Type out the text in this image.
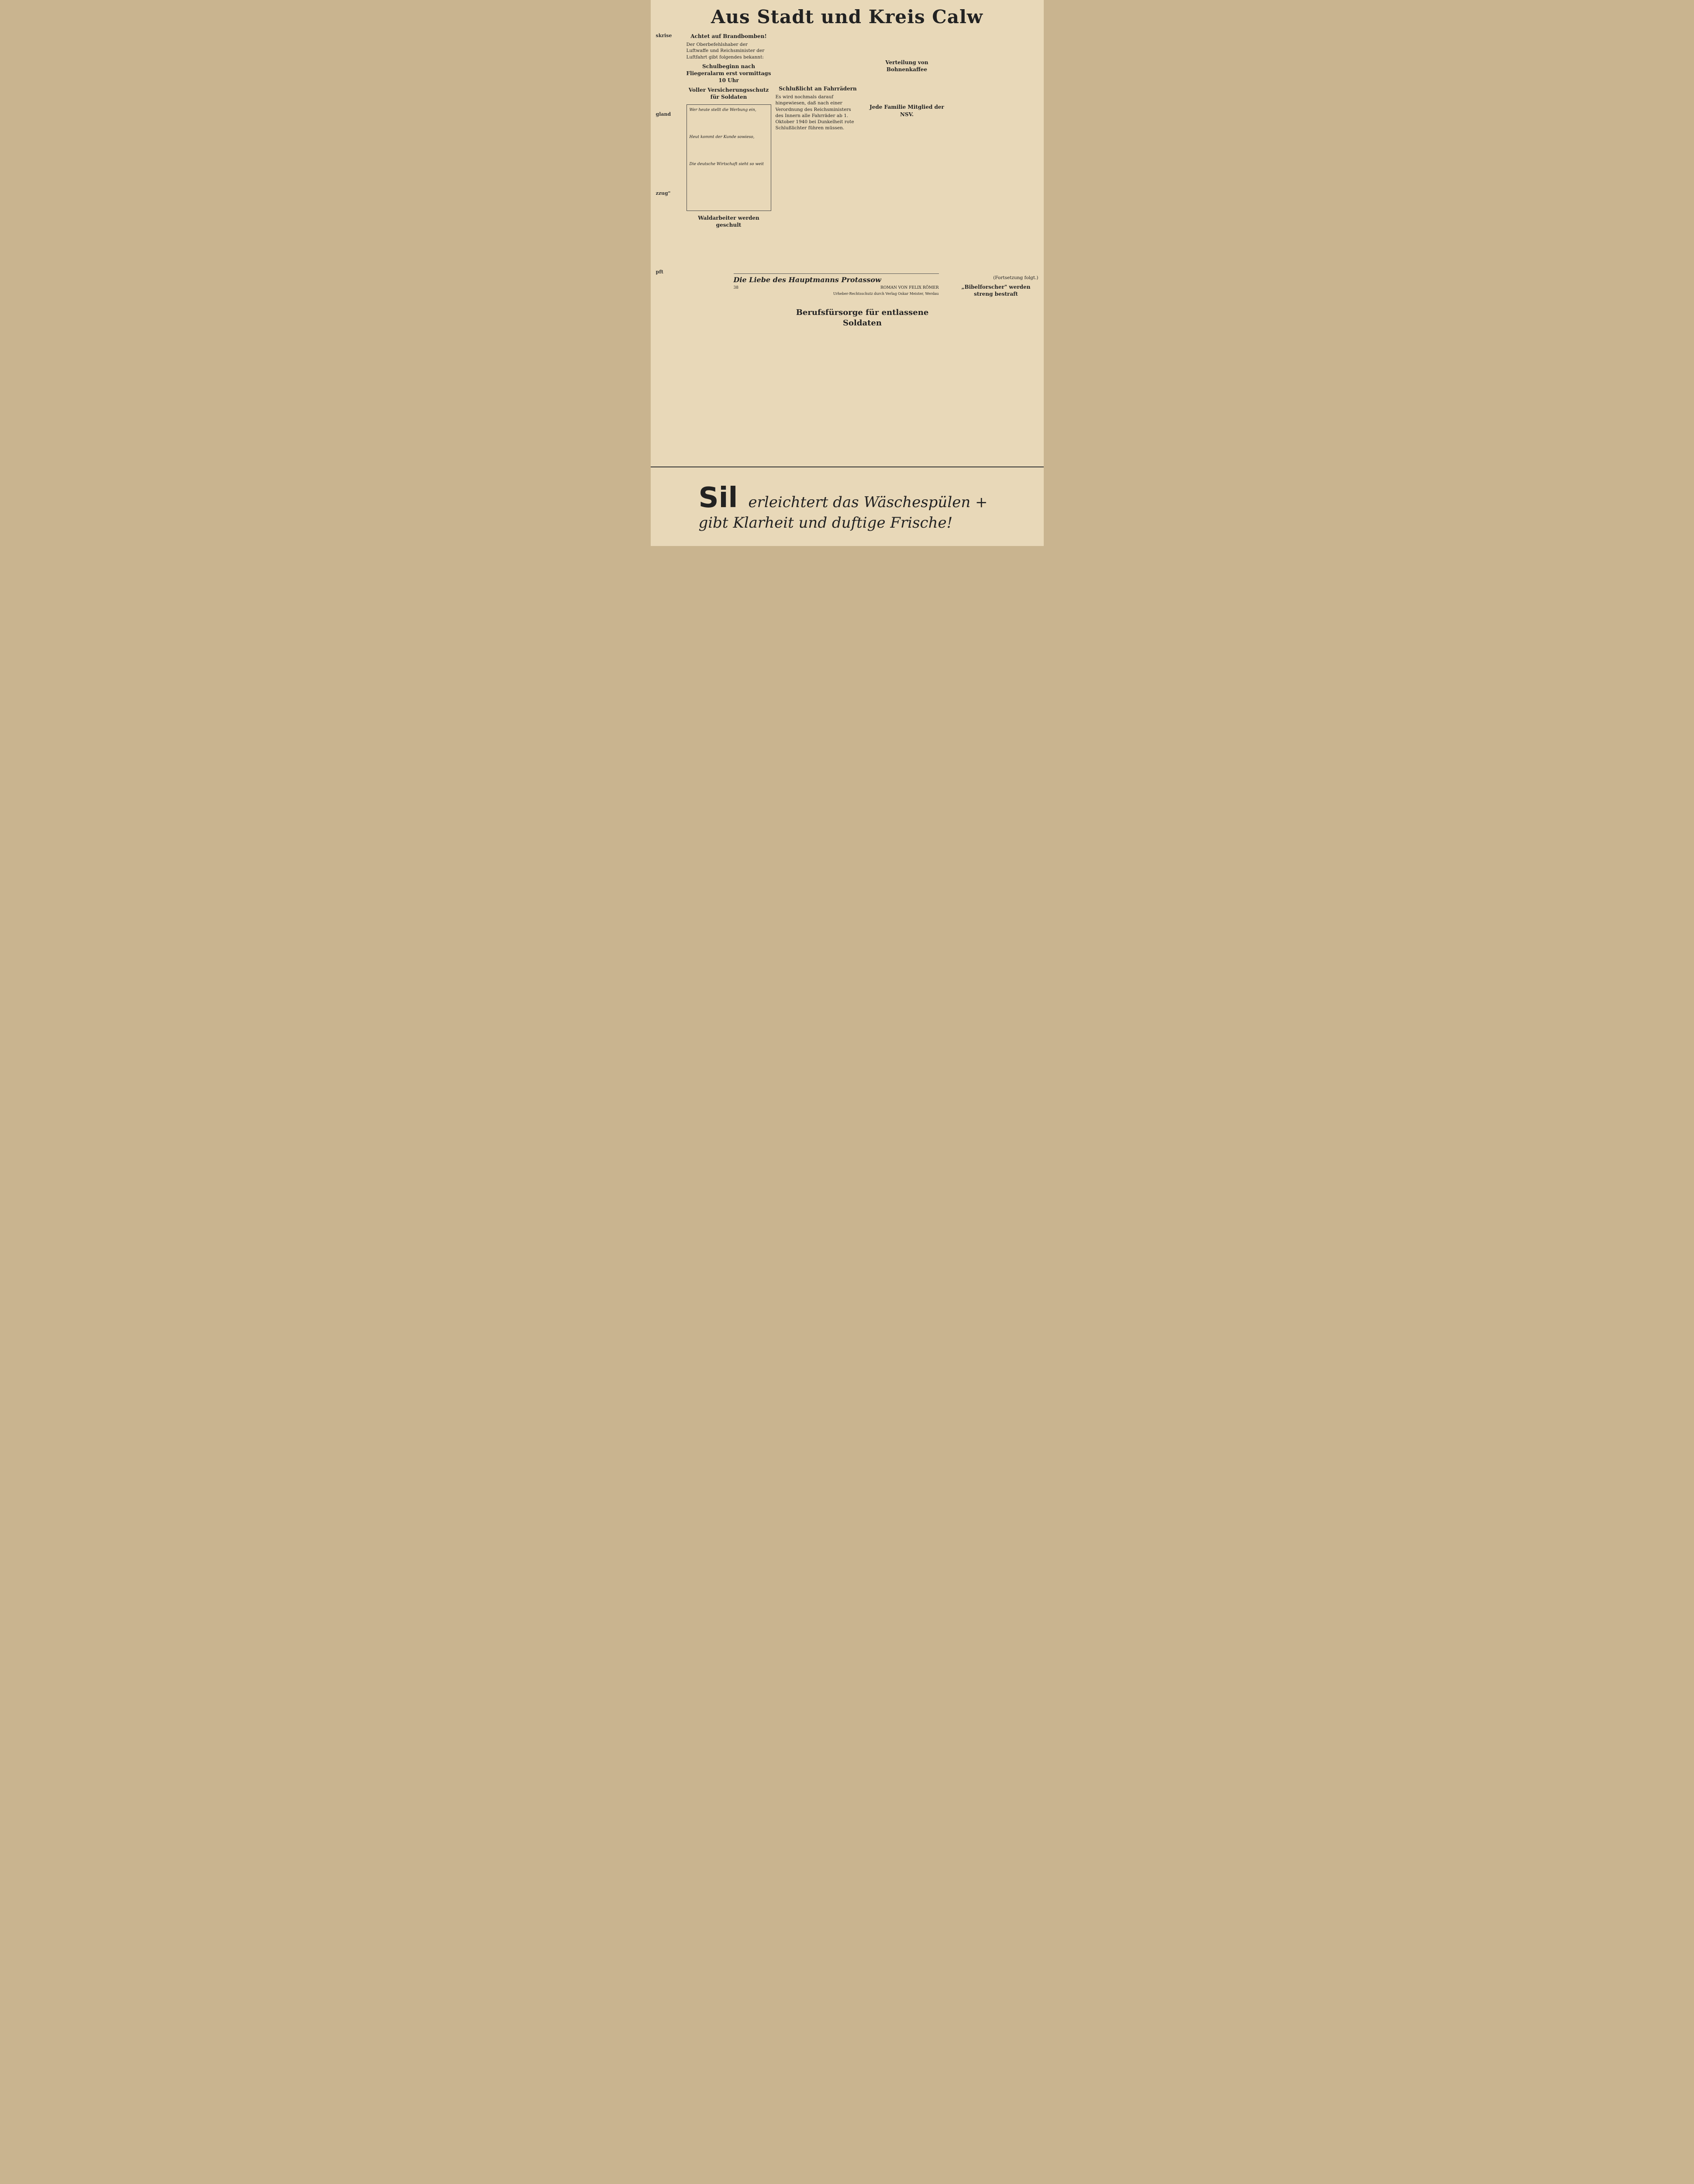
Aus Stadt und Kreis Calw
skrise
gland
zzug"
pft
Achtet auf Brandbomben!
Der Oberbefehlshaber der Luftwaffe und Reichsminister der Luftfahrt gibt folgendes bekannt:
Schulbeginn nach Fliegeralarm erst vormittags 10 Uhr
Voller Versicherungsschutz für Soldaten
Wer heute stellt die Werbung ein,
Heut kommt der Kunde sowieso,
Die deutsche Wirtschaft sieht so weit
Waldarbeiter werden geschult
Schlußlicht an Fahrrädern
Es wird nochmals darauf hingewiesen, daß nach einer Verordnung des Reichsministers des Innern alle Fahrräder ab 1. Oktober 1940 bei Dunkelheit rote Schlußlichter führen müssen.
Verteilung von Bohnenkaffee
Jede Familie Mitglied der NSV.
(Fortsetzung folgt.)
„Bibelforscher" werden streng bestraft
Berufsfürsorge für entlassene Soldaten
Die Liebe des Hauptmanns Protassow
38	ROMAN VON FELIX RÖMER
Urheber-Rechtsschutz durch Verlag Oskar Meister, Werdau
Sil erleichtert das Wäschespülen +
gibt Klarheit und duftige Frische!
